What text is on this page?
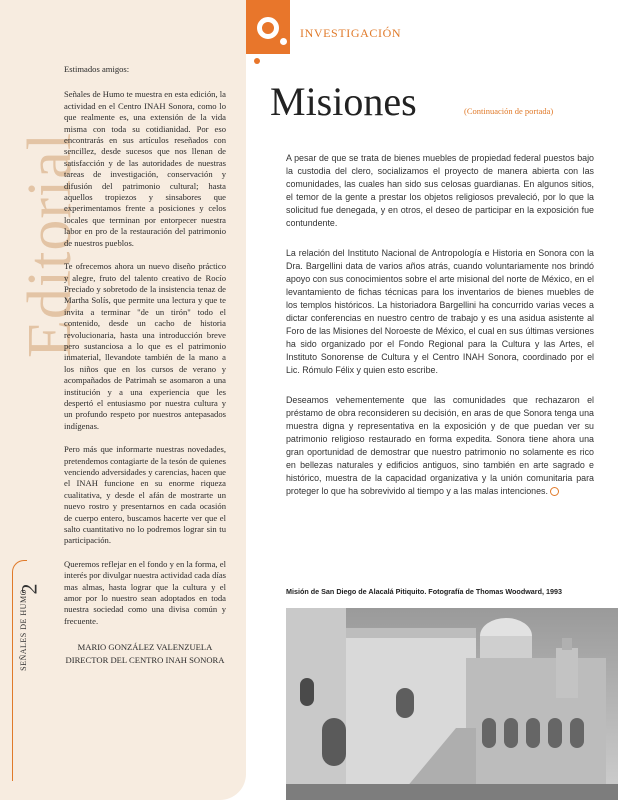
Editorial

Estimados amigos:

Señales de Humo te muestra en esta edición, la actividad en el Centro INAH Sonora, como lo que realmente es, una extensión de la vida misma con toda su cotidianidad. Por eso encontrarás en sus artículos reseñados con sencillez, desde sucesos que nos llenan de satisfacción y de las autoridades de nuestras tareas de investigación, conservación y difusión del patrimonio cultural; hasta aquellos tropiezos y sinsabores que experimentamos frente a posiciones y celos locales que terminan por entorpecer nuestra labor en pro de la restauración del patrimonio de nuestros pueblos.

Te ofrecemos ahora un nuevo diseño práctico y alegre, fruto del talento creativo de Rocío Preciado y sobretodo de la insistencia tenaz de Martha Solís, que permite una lectura y que te invita a terminar "de un tirón" todo el contenido, desde un cacho de historia revolucionaria, hasta una introducción breve pero sustanciosa a lo que es el patrimonio inmaterial, llevandote también de la mano a los niños que en los cursos de verano y acompañados de Patrimah se asomaron a una institución y a una experiencia que les despertó el entusiasmo por nuestra cultura y un profundo respeto por nuestros antepasados indígenas.

Pero más que informarte nuestras novedades, pretendemos contagiarte de la tesón de quienes venciendo adversidades y carencias, hacen que el INAH funcione en su enorme riqueza cualitativa, y desde el afán de mostrarte un nuevo rostro y presentarnos en cada ocasión de cuerpo entero, buscamos hacerte ver que el salto cuantitativo no lo podremos lograr sin tu participación.

Queremos reflejar en el fondo y en la forma, el interés por divulgar nuestra actividad cada días mas almas, hasta lograr que la cultura y el amor por lo nuestro sean adoptados en toda nuestra sociedad como una divisa común y frecuente.

MARIO GONZÁLEZ VALENZUELA
DIRECTOR DEL CENTRO INAH SONORA
2
SEÑALES DE HUMO
INVESTIGACIÓN
Misiones	(Continuación de portada)

A pesar de que se trata de bienes muebles de propiedad federal puestos bajo la custodia del clero, socializamos el proyecto de manera abierta con las comunidades, las cuales han sido sus celosas guardianas. En algunos sitios, el temor de la gente a prestar los objetos religiosos prevaleció, por lo que la solicitud fue denegada, y en otros, el deseo de participar en la exposición fue contundente.

La relación del Instituto Nacional de Antropología e Historia en Sonora con la Dra. Bargellini data de varios años atrás, cuando voluntariamente nos brindó apoyo con sus conocimientos sobre el arte misional del norte de México, en el levantamiento de fichas técnicas para los inventarios de bienes muebles de los templos históricos. La historiadora Bargellini ha concurrido varias veces a dictar conferencias en nuestro centro de trabajo y es una asidua asistente al Foro de las Misiones del Noroeste de México, el cual en sus últimas versiones ha sido organizado por el Fondo Regional para la Cultura y las Artes, el Instituto Sonorense de Cultura y el Centro INAH Sonora, coordinado por el Lic. Rómulo Félix y quien esto escribe.

Deseamos vehementemente que las comunidades que rechazaron el préstamo de obra reconsideren su decisión, en aras de que Sonora tenga una muestra digna y representativa en la exposición y de que puedan ver su patrimonio religioso restaurado en forma expedita. Sonora tiene ahora una gran oportunidad de demostrar que nuestro patrimonio no solamente es rico en bellezas naturales y edificios antiguos, sino también en arte sagrado e histórico, muestra de la capacidad organizativa y la unión comunitaria para proteger lo que ha sobrevivido al tiempo y a las malas intenciones.

Misión de San Diego de Alacalá Pitiquito. Fotografía de Thomas Woodward, 1993
